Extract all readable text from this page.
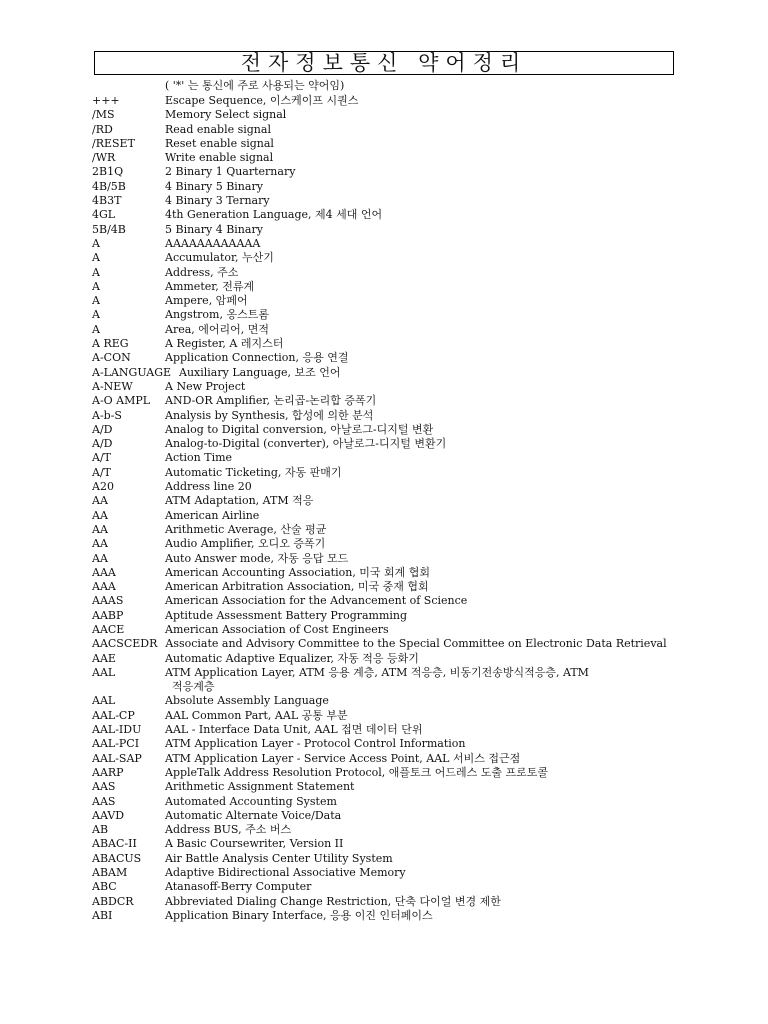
전자정보통신 약어정리
( '*' 는 통신에 주로 사용되는 약어임)
+++	Escape Sequence, 이스케이프 시퀀스
/MS	Memory Select signal
/RD	Read enable signal
/RESET	Reset enable signal
/WR	Write enable signal
2B1Q	2 Binary 1 Quarternary
4B/5B	4 Binary 5 Binary
4B3T	4 Binary 3 Ternary
4GL	4th Generation Language, 제4 세대 언어
5B/4B	5 Binary 4 Binary
A	AAAAAAAAAAAA
A	Accumulator, 누산기
A	Address, 주소
A	Ammeter, 전류계
A	Ampere, 암페어
A	Angstrom, 옹스트롬
A	Area, 에어리어, 면적
A REG	A Register, A 레지스터
A-CON	Application Connection, 응용 연결
A-LANGUAGE Auxiliary Language, 보조 언어
A-NEW	A New Project
A-O AMPL	AND-OR Amplifier, 논리곱-논리합 증폭기
A-b-S	Analysis by Synthesis, 합성에 의한 분석
A/D	Analog to Digital conversion, 아날로그-디지털 변환
A/D	Analog-to-Digital (converter), 아날로그-디지털 변환기
A/T	Action Time
A/T	Automatic Ticketing, 자동 판매기
A20	Address line 20
AA	ATM Adaptation, ATM 적응
AA	American Airline
AA	Arithmetic Average, 산술 평균
AA	Audio Amplifier, 오디오 증폭기
AA	Auto Answer mode, 자동 응답 모드
AAA	American Accounting Association, 미국 회계 협회
AAA	American Arbitration Association, 미국 중재 협회
AAAS	American Association for the Advancement of Science
AABP	Aptitude Assessment Battery Programming
AACE	American Association of Cost Engineers
AACSCEDR Associate and Advisory Committee to the Special Committee on Electronic Data Retrieval
AAE	Automatic Adaptive Equalizer, 자동 적응 등화기
AAL	ATM Application Layer, ATM 응용 계층, ATM 적응층, 비동기전송방식적응층, ATM
적응계층
AAL	Absolute Assembly Language
AAL-CP	AAL Common Part, AAL 공통 부분
AAL-IDU	AAL - Interface Data Unit, AAL 접면 데이터 단위
AAL-PCI	ATM Application Layer - Protocol Control Information
AAL-SAP	ATM Application Layer - Service Access Point, AAL 서비스 접근점
AARP	AppleTalk Address Resolution Protocol, 애플토크 어드레스 도출 프로토콜
AAS	Arithmetic Assignment Statement
AAS	Automated Accounting System
AAVD	Automatic Alternate Voice/Data
AB	Address BUS, 주소 버스
ABAC-II	A Basic Coursewriter, Version II
ABACUS	Air Battle Analysis Center Utility System
ABAM	Adaptive Bidirectional Associative Memory
ABC	Atanasoff-Berry Computer
ABDCR	Abbreviated Dialing Change Restriction, 단축 다이얼 변경 제한
ABI	Application Binary Interface, 응용 이진 인터페이스
